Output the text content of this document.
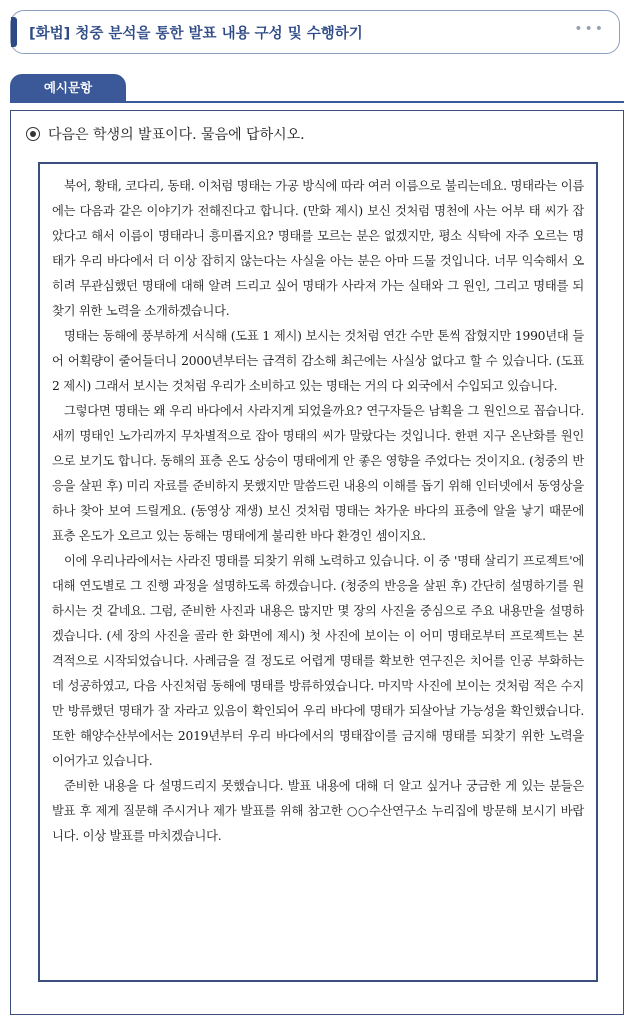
[화법] 청중 분석을 통한 발표 내용 구성 및 수행하기	•••
예시문항
다음은 학생의 발표이다. 물음에 답하시오.

북어, 황태, 코다리, 동태. 이처럼 명태는 가공 방식에 따라 여러 이름으로 불리는데요. 명태라는 이름에는 다음과 같은 이야기가 전해진다고 합니다. (만화 제시) 보신 것처럼 명천에 사는 어부 태 씨가 잡았다고 해서 이름이 명태라니 흥미롭지요? 명태를 모르는 분은 없겠지만, 평소 식탁에 자주 오르는 명태가 우리 바다에서 더 이상 잡히지 않는다는 사실을 아는 분은 아마 드물 것입니다. 너무 익숙해서 오히려 무관심했던 명태에 대해 알려 드리고 싶어 명태가 사라져 가는 실태와 그 원인, 그리고 명태를 되찾기 위한 노력을 소개하겠습니다.

명태는 동해에 풍부하게 서식해 (도표 1 제시) 보시는 것처럼 연간 수만 톤씩 잡혔지만 1990년대 들어 어획량이 줄어들더니 2000년부터는 급격히 감소해 최근에는 사실상 없다고 할 수 있습니다. (도표 2 제시) 그래서 보시는 것처럼 우리가 소비하고 있는 명태는 거의 다 외국에서 수입되고 있습니다.

그렇다면 명태는 왜 우리 바다에서 사라지게 되었을까요? 연구자들은 남획을 그 원인으로 꼽습니다. 새끼 명태인 노가리까지 무차별적으로 잡아 명태의 씨가 말랐다는 것입니다. 한편 지구 온난화를 원인으로 보기도 합니다. 동해의 표층 온도 상승이 명태에게 안 좋은 영향을 주었다는 것이지요. (청중의 반응을 살핀 후) 미리 자료를 준비하지 못했지만 말씀드린 내용의 이해를 돕기 위해 인터넷에서 동영상을 하나 찾아 보여 드릴게요. (동영상 재생) 보신 것처럼 명태는 차가운 바다의 표층에 알을 낳기 때문에 표층 온도가 오르고 있는 동해는 명태에게 불리한 바다 환경인 셈이지요.

이에 우리나라에서는 사라진 명태를 되찾기 위해 노력하고 있습니다. 이 중 '명태 살리기 프로젝트'에 대해 연도별로 그 진행 과정을 설명하도록 하겠습니다. (청중의 반응을 살핀 후) 간단히 설명하기를 원하시는 것 같네요. 그럼, 준비한 사진과 내용은 많지만 몇 장의 사진을 중심으로 주요 내용만을 설명하겠습니다. (세 장의 사진을 골라 한 화면에 제시) 첫 사진에 보이는 이 어미 명태로부터 프로젝트는 본격적으로 시작되었습니다. 사례금을 걸 정도로 어렵게 명태를 확보한 연구진은 치어를 인공 부화하는 데 성공하였고, 다음 사진처럼 동해에 명태를 방류하였습니다. 마지막 사진에 보이는 것처럼 적은 수지만 방류했던 명태가 잘 자라고 있음이 확인되어 우리 바다에 명태가 되살아날 가능성을 확인했습니다. 또한 해양수산부에서는 2019년부터 우리 바다에서의 명태잡이를 금지해 명태를 되찾기 위한 노력을 이어가고 있습니다.

준비한 내용을 다 설명드리지 못했습니다. 발표 내용에 대해 더 알고 싶거나 궁금한 게 있는 분들은 발표 후 제게 질문해 주시거나 제가 발표를 위해 참고한 ○○수산연구소 누리집에 방문해 보시기 바랍니다. 이상 발표를 마치겠습니다.
